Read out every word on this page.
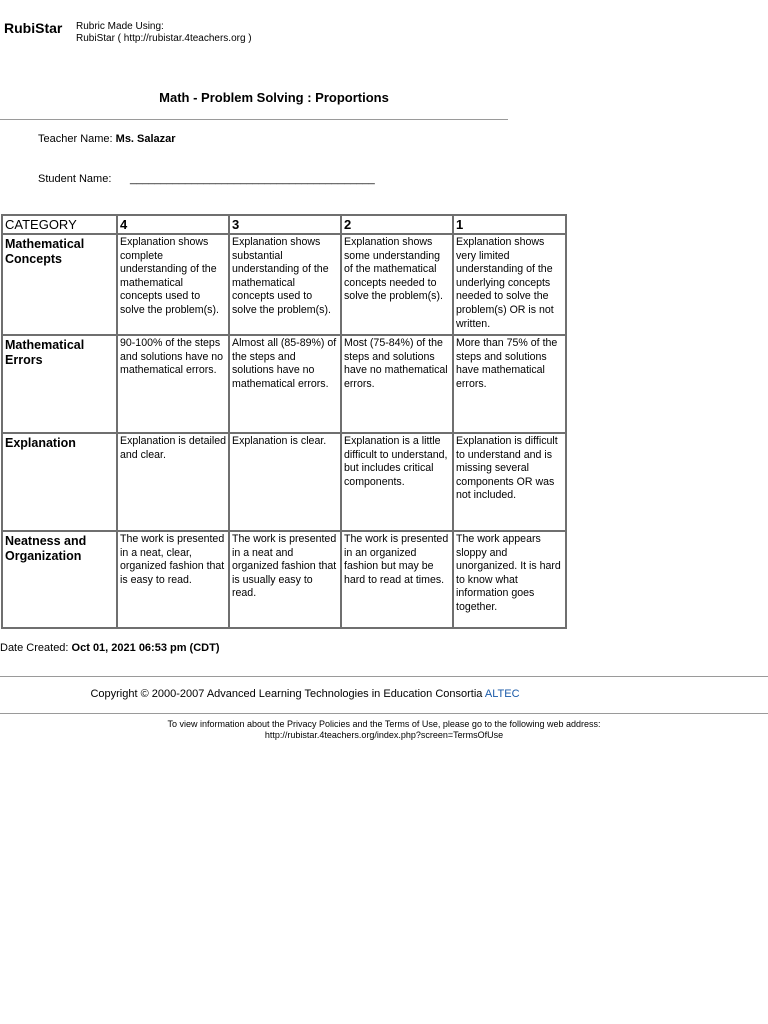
RubiStar Rubric Made Using:
RubiStar ( http://rubistar.4teachers.org )
Math - Problem Solving : Proportions
Teacher Name: Ms. Salazar
Student Name: ________________________________________
CATEGORY	4	3	2	1
Mathematical Concepts	Explanation shows complete understanding of the mathematical concepts used to solve the problem(s).	Explanation shows substantial understanding of the mathematical concepts used to solve the problem(s).	Explanation shows some understanding of the mathematical concepts needed to solve the problem(s).	Explanation shows very limited understanding of the underlying concepts needed to solve the problem(s) OR is not written.
Mathematical Errors	90-100% of the steps and solutions have no mathematical errors.	Almost all (85-89%) of the steps and solutions have no mathematical errors.	Most (75-84%) of the steps and solutions have no mathematical errors.	More than 75% of the steps and solutions have mathematical errors.
Explanation	Explanation is detailed and clear.	Explanation is clear.	Explanation is a little difficult to understand, but includes critical components.	Explanation is difficult to understand and is missing several components OR was not included.
Neatness and Organization	The work is presented in a neat, clear, organized fashion that is easy to read.	The work is presented in a neat and organized fashion that is usually easy to read.	The work is presented in an organized fashion but may be hard to read at times.	The work appears sloppy and unorganized. It is hard to know what information goes together.
Date Created: Oct 01, 2021 06:53 pm (CDT)
Copyright © 2000-2007 Advanced Learning Technologies in Education Consortia ALTEC
To view information about the Privacy Policies and the Terms of Use, please go to the following web address:
http://rubistar.4teachers.org/index.php?screen=TermsOfUse
